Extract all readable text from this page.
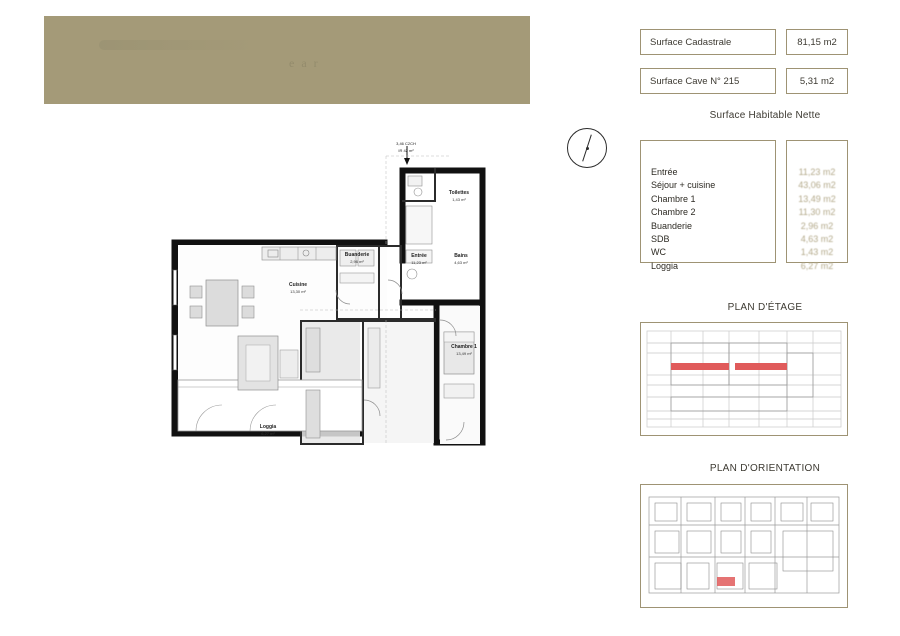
e a r
3,46 C2CH
IR 42 m²
Cuisine
13,30 m²
Buanderie
2,96 m²
Entrée
11,23 m²
Bains
4,63 m²
Toilettes
1,43 m²
Chambre 1
13,49 m²
Loggia
6,27 m²
Surface Cadastrale	81,15 m2
Surface Cave N° 215	5,31 m2
Surface Habitable Nette
Entrée
Séjour + cuisine
Chambre 1
Chambre 2
Buanderie
SDB
WC
Loggia
11,23 m2
43,06 m2
13,49 m2
11,30 m2
2,96 m2
4,63 m2
1,43 m2
6,27 m2
PLAN D'ÉTAGE
PLAN D'ORIENTATION
